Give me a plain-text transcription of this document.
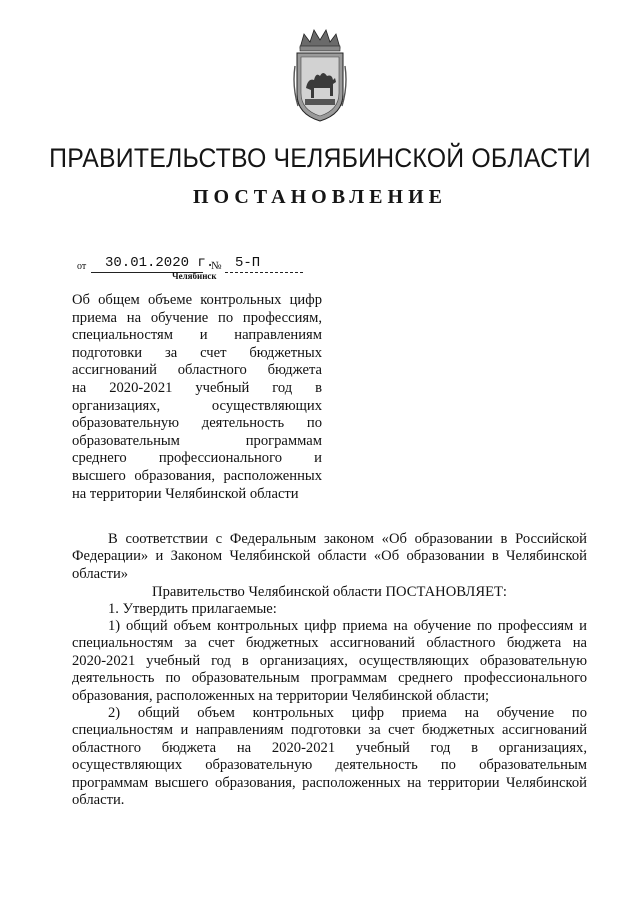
ПРАВИТЕЛЬСТВО ЧЕЛЯБИНСКОЙ ОБЛАСТИ
ПОСТАНОВЛЕНИЕ
от 30.01.2020 г.
№ 5-П
Челябинск
Об общем объеме контрольных цифр
приема на обучение по профессиям,
специальностям и направлениям
подготовки за счет бюджетных
ассигнований областного бюджета
на 2020-2021 учебный год в
организациях, осуществляющих
образовательную деятельность по
образовательным программам
среднего профессионального и
высшего образования, расположенных
на территории Челябинской области
В соответствии с Федеральным законом «Об образовании в Российской
Федерации» и Законом Челябинской области «Об образовании в Челябинской
области»
Правительство Челябинской области ПОСТАНОВЛЯЕТ:
1. Утвердить прилагаемые:
1) общий объем контрольных цифр приема на обучение по профессиям и
специальностям за счет бюджетных ассигнований областного бюджета на
2020-2021 учебный год в организациях, осуществляющих образовательную
деятельность по образовательным программам среднего профессионального
образования, расположенных на территории Челябинской области;
2) общий объем контрольных цифр приема на обучение по
специальностям и направлениям подготовки за счет бюджетных ассигнований
областного бюджета на 2020-2021 учебный год в организациях,
осуществляющих образовательную деятельность по образовательным
программам высшего образования, расположенных на территории Челябинской
области.
